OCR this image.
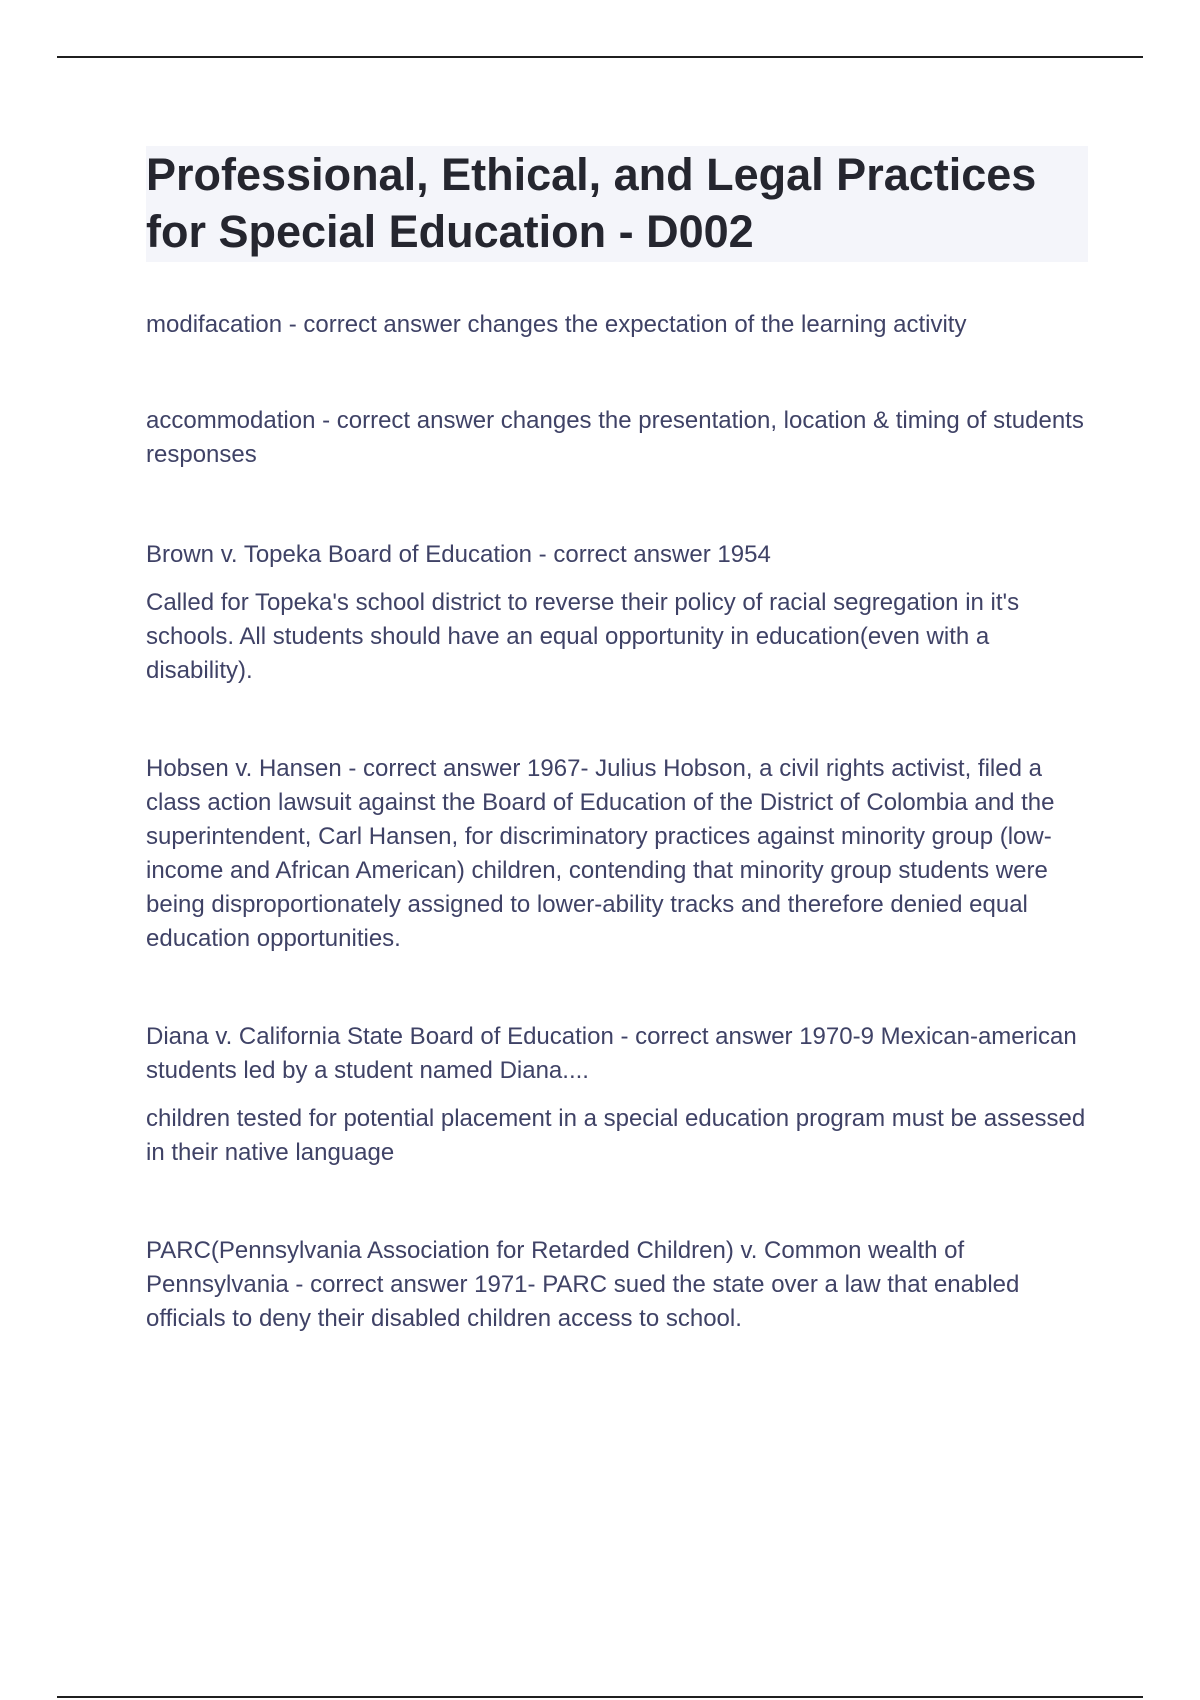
Professional, Ethical, and Legal Practices for Special Education - D002

modifacation - correct answer changes the expectation of the learning activity

accommodation - correct answer changes the presentation, location & timing of students responses

Brown v. Topeka Board of Education - correct answer 1954

Called for Topeka's school district to reverse their policy of racial segregation in it's schools. All students should have an equal opportunity in education(even with a disability).

Hobsen v. Hansen - correct answer 1967- Julius Hobson, a civil rights activist, filed a class action lawsuit against the Board of Education of the District of Colombia and the superintendent, Carl Hansen, for discriminatory practices against minority group (low-income and African American) children, contending that minority group students were being disproportionately assigned to lower-ability tracks and therefore denied equal education opportunities.

Diana v. California State Board of Education - correct answer 1970-9 Mexican-american students led by a student named Diana....

children tested for potential placement in a special education program must be assessed in their native language

PARC(Pennsylvania Association for Retarded Children) v. Common wealth of Pennsylvania - correct answer 1971- PARC sued the state over a law that enabled officials to deny their disabled children access to school.
